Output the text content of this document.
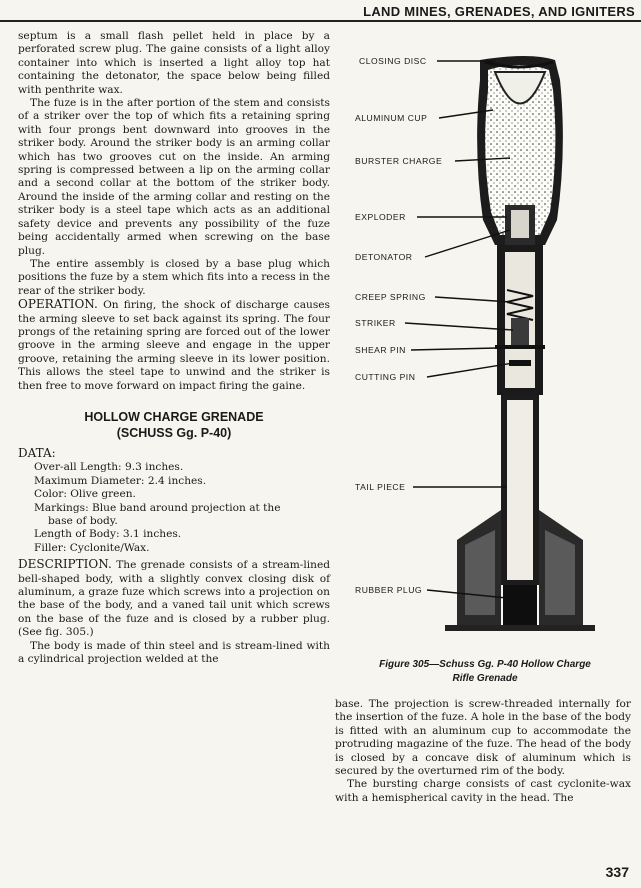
LAND MINES, GRENADES, AND IGNITERS

septum is a small flash pellet held in place by a perforated screw plug. The gaine consists of a light alloy container into which is inserted a light alloy top hat containing the detonator, the space below being filled with penthrite wax.

The fuze is in the after portion of the stem and consists of a striker over the top of which fits a retaining spring with four prongs bent downward into grooves in the striker body. Around the striker body is an arming collar which has two grooves cut on the inside. An arming spring is compressed between a lip on the arming collar and a second collar at the bottom of the striker body. Around the inside of the arming collar and resting on the striker body is a steel tape which acts as an additional safety device and prevents any possibility of the fuze being accidentally armed when screwing on the base plug.

The entire assembly is closed by a base plug which positions the fuze by a stem which fits into a recess in the rear of the striker body.

OPERATION. On firing, the shock of discharge causes the arming sleeve to set back against its spring. The four prongs of the retaining spring are forced out of the lower groove in the arming sleeve and engage in the upper groove, retaining the arming sleeve in its lower position. This allows the steel tape to unwind and the striker is then free to move forward on impact firing the gaine.

HOLLOW CHARGE GRENADE
(SCHUSS Gg. P-40)
DATA:
Over-all Length: 9.3 inches.
Maximum Diameter: 2.4 inches.
Color: Olive green.
Markings: Blue band around projection at the
base of body.
Length of Body: 3.1 inches.
Filler: Cyclonite/Wax.

DESCRIPTION. The grenade consists of a stream-lined bell-shaped body, with a slightly convex closing disk of aluminum, a graze fuze which screws into a projection on the base of the body, and a vaned tail unit which screws on the base of the fuze and is closed by a rubber plug. (See fig. 305.)

The body is made of thin steel and is stream-lined with a cylindrical projection welded at the

CLOSING DISC
ALUMINUM CUP
BURSTER CHARGE
EXPLODER
DETONATOR
CREEP SPRING
STRIKER
SHEAR PIN
CUTTING PIN
TAIL PIECE
RUBBER PLUG
Figure 305—Schuss Gg. P-40 Hollow Charge
Rifle Grenade

base. The projection is screw-threaded internally for the insertion of the fuze. A hole in the base of the body is fitted with an aluminum cup to accommodate the protruding magazine of the fuze. The head of the body is closed by a concave disk of aluminum which is secured by the overturned rim of the body.

The bursting charge consists of cast cyclonite-wax with a hemispherical cavity in the head. The

337
